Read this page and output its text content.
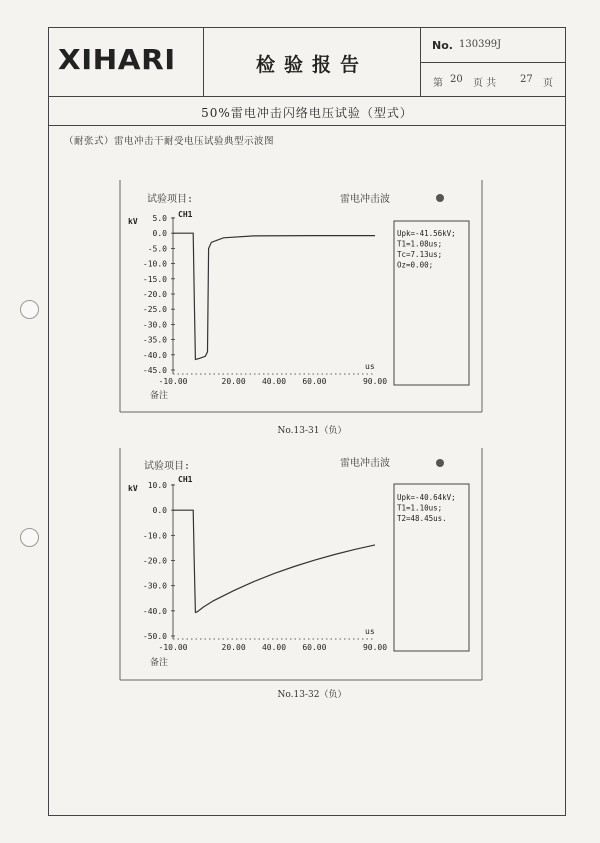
XIHARI	检验报告
No. 130399J
第 20 页 共 27 页
50%雷电冲击闪络电压试验（型式）
（耐张式）雷电冲击干耐受电压试验典型示波图
试验项目:	雷电冲击波
CH1
kV
us
5.0
0.0
-5.0
-10.0
-15.0
-20.0
-25.0
-30.0
-35.0
-40.0
-45.0
-10.00	20.00 40.00 60.00	90.00
Upk=-41.56kV;
T1=1.08us;
Tc=7.13us;
Oz=0.00;
备注
No.13-31（负）
试验项目:	雷电冲击波
CH1
kV
us
10.0
0.0
-10.0
-20.0
-30.0
-40.0
-50.0
-10.00	20.00 40.00 60.00	90.00
Upk=-40.64kV;
T1=1.10us;
T2=48.45us.
备注
No.13-32（负）
